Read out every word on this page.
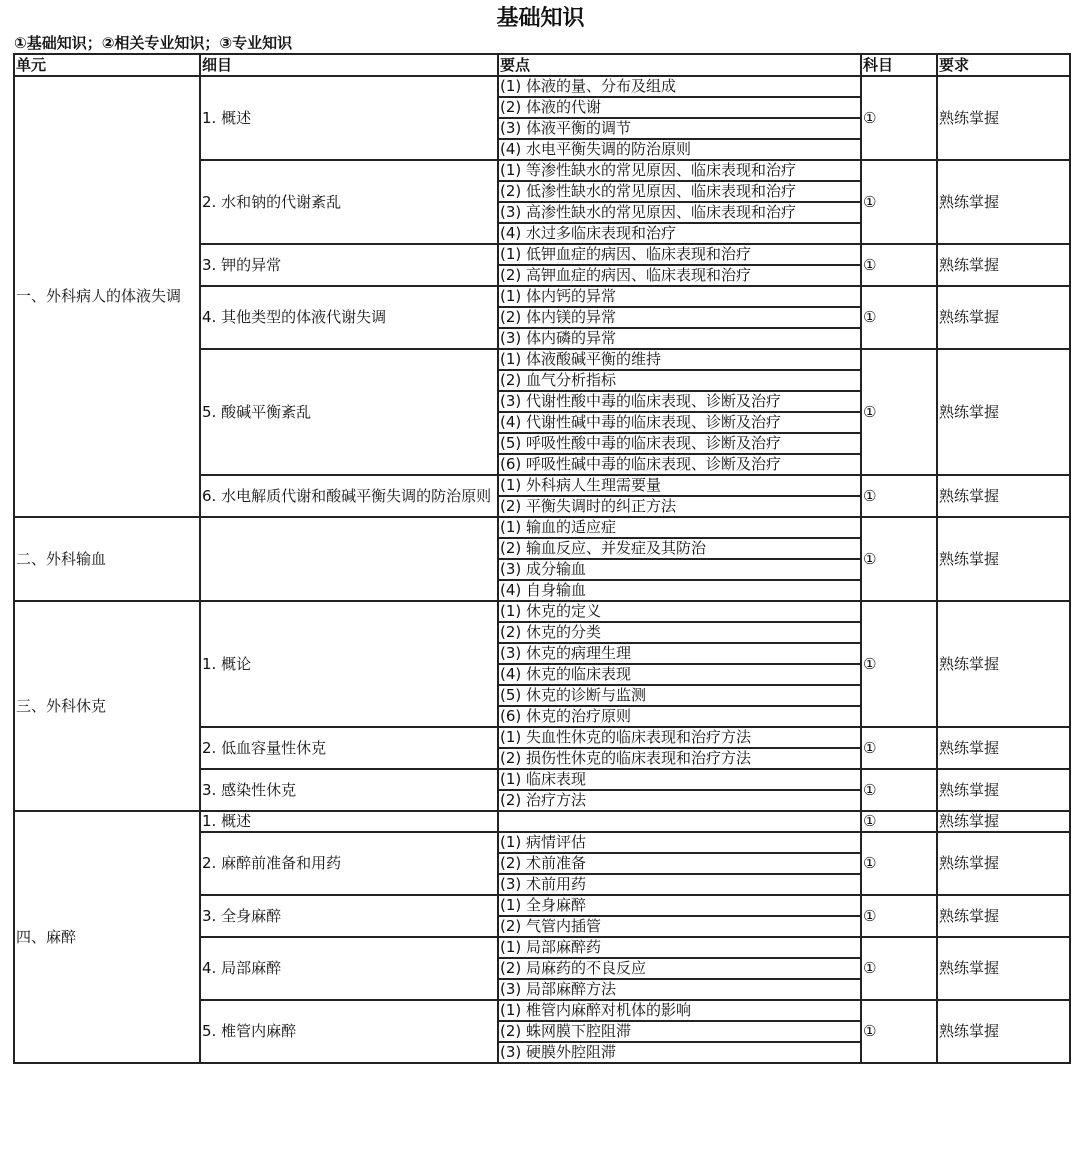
基础知识
①基础知识；②相关专业知识；③专业知识
单元	细目	要点	科目	要求
一、外科病人的体液失调	1. 概述	(1) 体液的量、分布及组成	①	熟练掌握
		(2) 体液的代谢		
		(3) 体液平衡的调节		
		(4) 水电平衡失调的防治原则		
	2. 水和钠的代谢紊乱	(1) 等渗性缺水的常见原因、临床表现和治疗	①	熟练掌握
		(2) 低渗性缺水的常见原因、临床表现和治疗		
		(3) 高渗性缺水的常见原因、临床表现和治疗		
		(4) 水过多临床表现和治疗		
	3. 钾的异常	(1) 低钾血症的病因、临床表现和治疗	①	熟练掌握
		(2) 高钾血症的病因、临床表现和治疗		
	4. 其他类型的体液代谢失调	(1) 体内钙的异常	①	熟练掌握
		(2) 体内镁的异常		
		(3) 体内磷的异常		
	5. 酸碱平衡紊乱	(1) 体液酸碱平衡的维持	①	熟练掌握
		(2) 血气分析指标		
		(3) 代谢性酸中毒的临床表现、诊断及治疗		
		(4) 代谢性碱中毒的临床表现、诊断及治疗		
		(5) 呼吸性酸中毒的临床表现、诊断及治疗		
		(6) 呼吸性碱中毒的临床表现、诊断及治疗		
	6. 水电解质代谢和酸碱平衡失调的防治原则	(1) 外科病人生理需要量	①	熟练掌握
		(2) 平衡失调时的纠正方法		
二、外科输血		(1) 输血的适应症	①	熟练掌握
		(2) 输血反应、并发症及其防治		
		(3) 成分输血		
		(4) 自身输血		
三、外科休克	1. 概论	(1) 休克的定义	①	熟练掌握
		(2) 休克的分类		
		(3) 休克的病理生理		
		(4) 休克的临床表现		
		(5) 休克的诊断与监测		
		(6) 休克的治疗原则		
	2. 低血容量性休克	(1) 失血性休克的临床表现和治疗方法	①	熟练掌握
		(2) 损伤性休克的临床表现和治疗方法		
	3. 感染性休克	(1) 临床表现	①	熟练掌握
		(2) 治疗方法		
四、麻醉	1. 概述		①	熟练掌握
	2. 麻醉前准备和用药	(1) 病情评估	①	熟练掌握
		(2) 术前准备		
		(3) 术前用药		
	3. 全身麻醉	(1) 全身麻醉	①	熟练掌握
		(2) 气管内插管		
	4. 局部麻醉	(1) 局部麻醉药	①	熟练掌握
		(2) 局麻药的不良反应		
		(3) 局部麻醉方法		
	5. 椎管内麻醉	(1) 椎管内麻醉对机体的影响	①	熟练掌握
		(2) 蛛网膜下腔阻滞		
		(3) 硬膜外腔阻滞		
